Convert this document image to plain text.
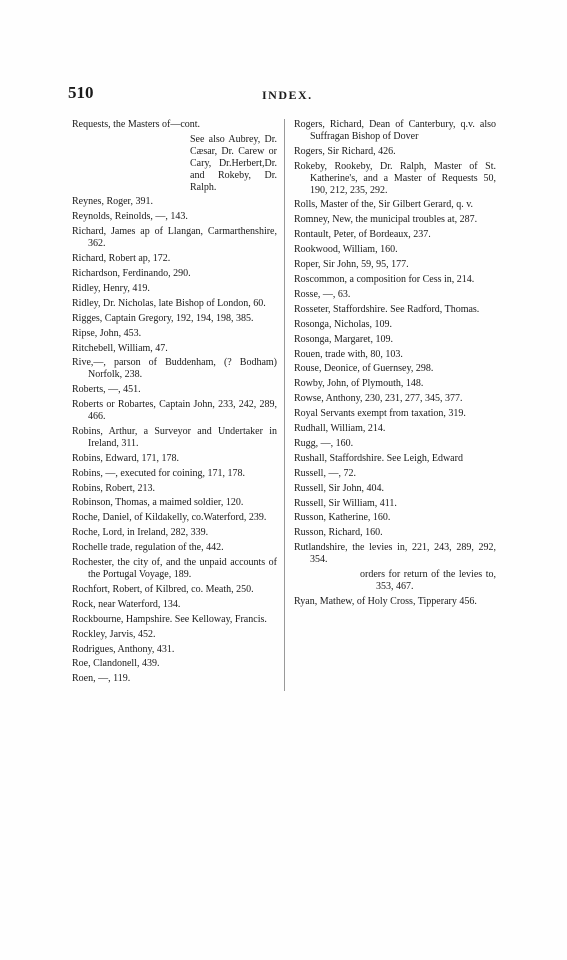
510	INDEX.

Requests, the Masters of—cont.

See also Aubrey, Dr. Cæsar, Dr. Carew or Cary, Dr.Herbert,Dr. and Rokeby, Dr. Ralph.

Reynes, Roger, 391.

Reynolds, Reinolds, —, 143.

Richard, James ap of Llangan, Carmarthenshire, 362.

Richard, Robert ap, 172.

Richardson, Ferdinando, 290.

Ridley, Henry, 419.

Ridley, Dr. Nicholas, late Bishop of London, 60.

Rigges, Captain Gregory, 192, 194, 198, 385.

Ripse, John, 453.

Ritchebell, William, 47.

Rive,—, parson of Buddenham, (? Bodham) Norfolk, 238.

Roberts, —, 451.

Roberts or Robartes, Captain John, 233, 242, 289, 466.

Robins, Arthur, a Surveyor and Undertaker in Ireland, 311.

Robins, Edward, 171, 178.

Robins, —, executed for coining, 171, 178.

Robins, Robert, 213.

Robinson, Thomas, a maimed soldier, 120.

Roche, Daniel, of Kildakelly, co.Waterford, 239.

Roche, Lord, in Ireland, 282, 339.

Rochelle trade, regulation of the, 442.

Rochester, the city of, and the unpaid accounts of the Portugal Voyage, 189.

Rochfort, Robert, of Kilbred, co. Meath, 250.

Rock, near Waterford, 134.

Rockbourne, Hampshire. See Kelloway, Francis.

Rockley, Jarvis, 452.

Rodrigues, Anthony, 431.

Roe, Clandonell, 439.

Roen, —, 119.

Rogers, Richard, Dean of Canterbury, q.v. also Suffragan Bishop of Dover

Rogers, Sir Richard, 426.

Rokeby, Rookeby, Dr. Ralph, Master of St. Katherine's, and a Master of Requests 50, 190, 212, 235, 292.

Rolls, Master of the, Sir Gilbert Gerard, q. v.

Romney, New, the municipal troubles at, 287.

Rontault, Peter, of Bordeaux, 237.

Rookwood, William, 160.

Roper, Sir John, 59, 95, 177.

Roscommon, a composition for Cess in, 214.

Rosse, —, 63.

Rosseter, Staffordshire. See Radford, Thomas.

Rosonga, Nicholas, 109.

Rosonga, Margaret, 109.

Rouen, trade with, 80, 103.

Rouse, Deonice, of Guernsey, 298.

Rowby, John, of Plymouth, 148.

Rowse, Anthony, 230, 231, 277, 345, 377.

Royal Servants exempt from taxation, 319.

Rudhall, William, 214.

Rugg, —, 160.

Rushall, Staffordshire. See Leigh, Edward

Russell, —, 72.

Russell, Sir John, 404.

Russell, Sir William, 411.

Russon, Katherine, 160.

Russon, Richard, 160.

Rutlandshire, the levies in, 221, 243, 289, 292, 354.

orders for return of the levies to, 353, 467.

Ryan, Mathew, of Holy Cross, Tipperary 456.
